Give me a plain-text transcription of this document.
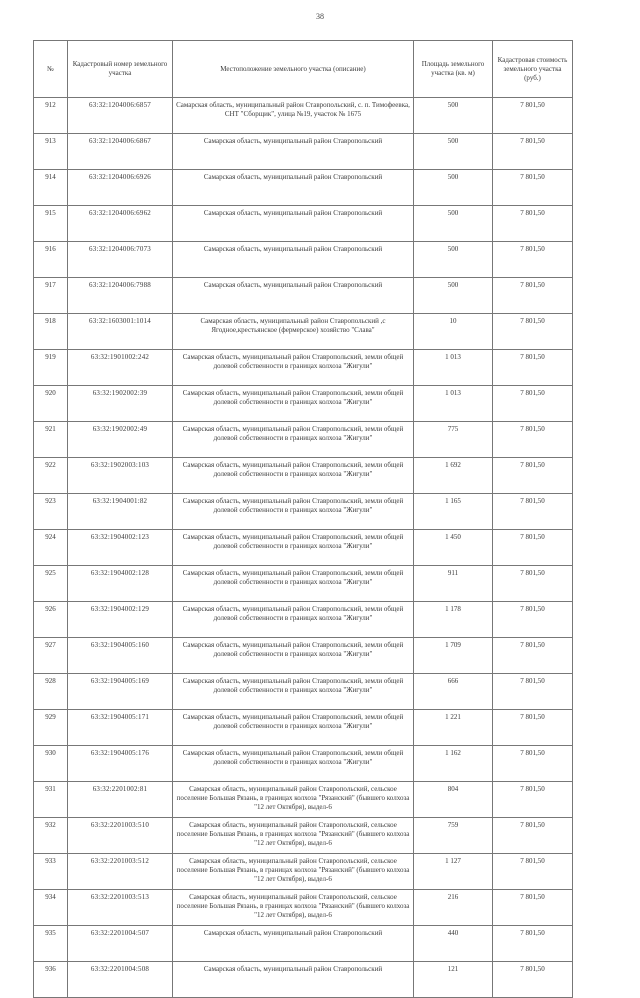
38
№	Кадастровый номер земельного участка	Местоположение земельного участка (описание)	Площадь земельного участка (кв. м)	Кадастровая стоимость земельного участка (руб.)
912	63:32:1204006:6857	Самарская область, муниципальный район Ставропольский, с. п. Тимофеевка, СНТ "Сборщик", улица №19, участок № 1675	500	7 801,50
913	63:32:1204006:6867	Самарская область, муниципальный район Ставропольский	500	7 801,50
914	63:32:1204006:6926	Самарская область, муниципальный район Ставропольский	500	7 801,50
915	63:32:1204006:6962	Самарская область, муниципальный район Ставропольский	500	7 801,50
916	63:32:1204006:7073	Самарская область, муниципальный район Ставропольский	500	7 801,50
917	63:32:1204006:7988	Самарская область, муниципальный район Ставропольский	500	7 801,50
918	63:32:1603001:1014	Самарская область, муниципальный район Ставропольский ,с Ягодное,крестьянское (фермерское) хозяйство "Слава"	10	7 801,50
919	63:32:1901002:242	Самарская область, муниципальный район Ставропольский, земли общей долевой собственности в границах колхоза "Жигули"	1 013	7 801,50
920	63:32:1902002:39	Самарская область, муниципальный район Ставропольский, земли общей долевой собственности в границах колхоза "Жигули"	1 013	7 801,50
921	63:32:1902002:49	Самарская область, муниципальный район Ставропольский, земли общей долевой собственности в границах колхоза "Жигули"	775	7 801,50
922	63:32:1902003:103	Самарская область, муниципальный район Ставропольский, земли общей долевой собственности в границах колхоза "Жигули"	1 692	7 801,50
923	63:32:1904001:82	Самарская область, муниципальный район Ставропольский, земли общей долевой собственности в границах колхоза "Жигули"	1 165	7 801,50
924	63:32:1904002:123	Самарская область, муниципальный район Ставропольский, земли общей долевой собственности в границах колхоза "Жигули"	1 450	7 801,50
925	63:32:1904002:128	Самарская область, муниципальный район Ставропольский, земли общей долевой собственности в границах колхоза "Жигули"	911	7 801,50
926	63:32:1904002:129	Самарская область, муниципальный район Ставропольский, земли общей долевой собственности в границах колхоза "Жигули"	1 178	7 801,50
927	63:32:1904005:160	Самарская область, муниципальный район Ставропольский, земли общей долевой собственности в границах колхоза "Жигули"	1 709	7 801,50
928	63:32:1904005:169	Самарская область, муниципальный район Ставропольский, земли общей долевой собственности в границах колхоза "Жигули"	666	7 801,50
929	63:32:1904005:171	Самарская область, муниципальный район Ставропольский, земли общей долевой собственности в границах колхоза "Жигули"	1 221	7 801,50
930	63:32:1904005:176	Самарская область, муниципальный район Ставропольский, земли общей долевой собственности в границах колхоза "Жигули"	1 162	7 801,50
931	63:32:2201002:81	Самарская область, муниципальный район Ставропольский, сельское поселение Большая Рязань, в границах колхоза "Рязанский" (бывшего колхоза "12 лет Октября), выдел-6	804	7 801,50
932	63:32:2201003:510	Самарская область, муниципальный район Ставропольский, сельское поселение Большая Рязань, в границах колхоза "Рязанский" (бывшего колхоза "12 лет Октября), выдел-6	759	7 801,50
933	63:32:2201003:512	Самарская область, муниципальный район Ставропольский, сельское поселение Большая Рязань, в границах колхоза "Рязанский" (бывшего колхоза "12 лет Октября), выдел-6	1 127	7 801,50
934	63:32:2201003:513	Самарская область, муниципальный район Ставропольский, сельское поселение Большая Рязань, в границах колхоза "Рязанский" (бывшего колхоза "12 лет Октября), выдел-6	216	7 801,50
935	63:32:2201004:507	Самарская область, муниципальный район Ставропольский	440	7 801,50
936	63:32:2201004:508	Самарская область, муниципальный район Ставропольский	121	7 801,50
